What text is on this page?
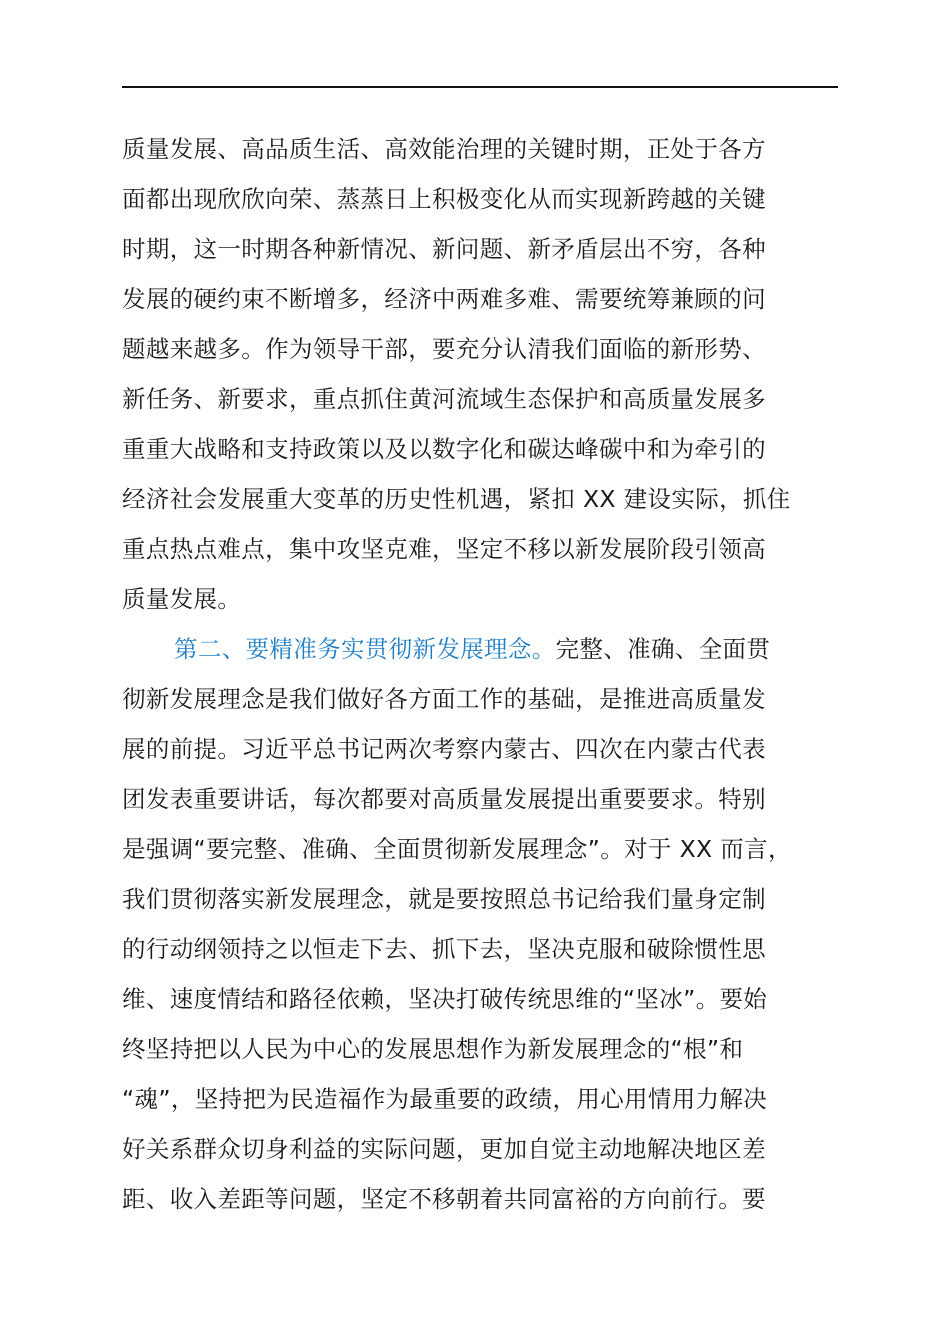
质量发展、高品质生活、高效能治理的关键时期，正处于各方
面都出现欣欣向荣、蒸蒸日上积极变化从而实现新跨越的关键
时期，这一时期各种新情况、新问题、新矛盾层出不穷，各种
发展的硬约束不断增多，经济中两难多难、需要统筹兼顾的问
题越来越多。作为领导干部，要充分认清我们面临的新形势、
新任务、新要求，重点抓住黄河流域生态保护和高质量发展多
重重大战略和支持政策以及以数字化和碳达峰碳中和为牵引的
经济社会发展重大变革的历史性机遇，紧扣 XX 建设实际，抓住
重点热点难点，集中攻坚克难，坚定不移以新发展阶段引领高
质量发展。
第二、要精准务实贯彻新发展理念。完整、准确、全面贯
彻新发展理念是我们做好各方面工作的基础，是推进高质量发
展的前提。习近平总书记两次考察内蒙古、四次在内蒙古代表
团发表重要讲话，每次都要对高质量发展提出重要要求。特别
是强调“要完整、准确、全面贯彻新发展理念”。对于 XX 而言，
我们贯彻落实新发展理念，就是要按照总书记给我们量身定制
的行动纲领持之以恒走下去、抓下去，坚决克服和破除惯性思
维、速度情结和路径依赖，坚决打破传统思维的“坚冰”。要始
终坚持把以人民为中心的发展思想作为新发展理念的“根”和
“魂”，坚持把为民造福作为最重要的政绩，用心用情用力解决
好关系群众切身利益的实际问题，更加自觉主动地解决地区差
距、收入差距等问题，坚定不移朝着共同富裕的方向前行。要
